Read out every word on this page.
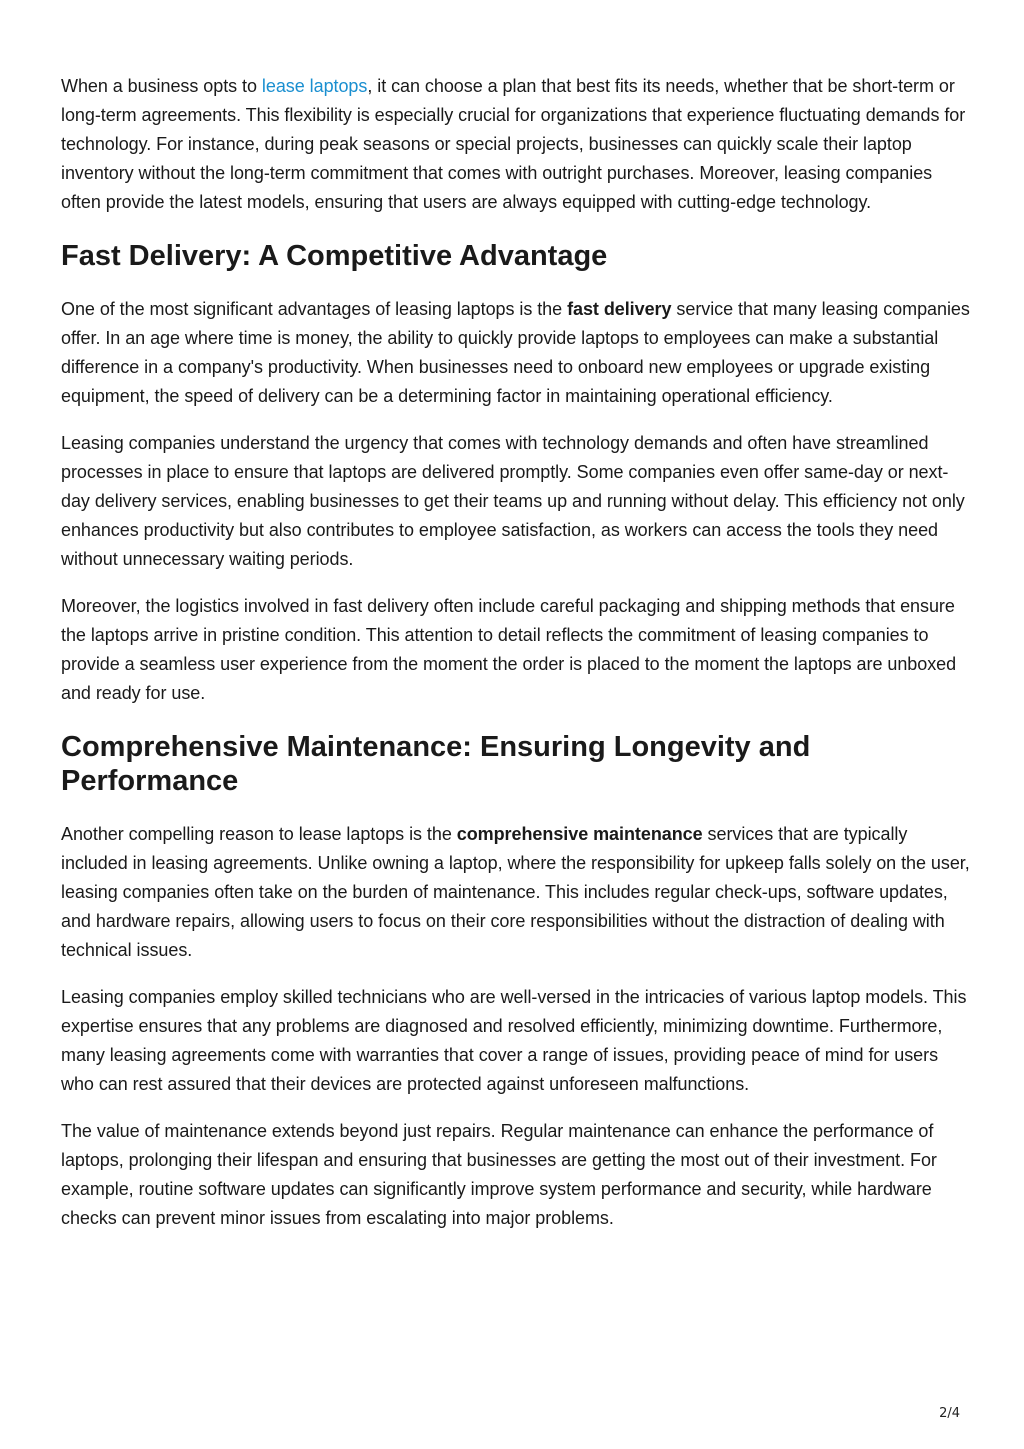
When a business opts to lease laptops, it can choose a plan that best fits its needs, whether that be short-term or long-term agreements. This flexibility is especially crucial for organizations that experience fluctuating demands for technology. For instance, during peak seasons or special projects, businesses can quickly scale their laptop inventory without the long-term commitment that comes with outright purchases. Moreover, leasing companies often provide the latest models, ensuring that users are always equipped with cutting-edge technology.

Fast Delivery: A Competitive Advantage

One of the most significant advantages of leasing laptops is the fast delivery service that many leasing companies offer. In an age where time is money, the ability to quickly provide laptops to employees can make a substantial difference in a company's productivity. When businesses need to onboard new employees or upgrade existing equipment, the speed of delivery can be a determining factor in maintaining operational efficiency.

Leasing companies understand the urgency that comes with technology demands and often have streamlined processes in place to ensure that laptops are delivered promptly. Some companies even offer same-day or next-day delivery services, enabling businesses to get their teams up and running without delay. This efficiency not only enhances productivity but also contributes to employee satisfaction, as workers can access the tools they need without unnecessary waiting periods.

Moreover, the logistics involved in fast delivery often include careful packaging and shipping methods that ensure the laptops arrive in pristine condition. This attention to detail reflects the commitment of leasing companies to provide a seamless user experience from the moment the order is placed to the moment the laptops are unboxed and ready for use.

Comprehensive Maintenance: Ensuring Longevity and Performance

Another compelling reason to lease laptops is the comprehensive maintenance services that are typically included in leasing agreements. Unlike owning a laptop, where the responsibility for upkeep falls solely on the user, leasing companies often take on the burden of maintenance. This includes regular check-ups, software updates, and hardware repairs, allowing users to focus on their core responsibilities without the distraction of dealing with technical issues.

Leasing companies employ skilled technicians who are well-versed in the intricacies of various laptop models. This expertise ensures that any problems are diagnosed and resolved efficiently, minimizing downtime. Furthermore, many leasing agreements come with warranties that cover a range of issues, providing peace of mind for users who can rest assured that their devices are protected against unforeseen malfunctions.

The value of maintenance extends beyond just repairs. Regular maintenance can enhance the performance of laptops, prolonging their lifespan and ensuring that businesses are getting the most out of their investment. For example, routine software updates can significantly improve system performance and security, while hardware checks can prevent minor issues from escalating into major problems.

2/4
